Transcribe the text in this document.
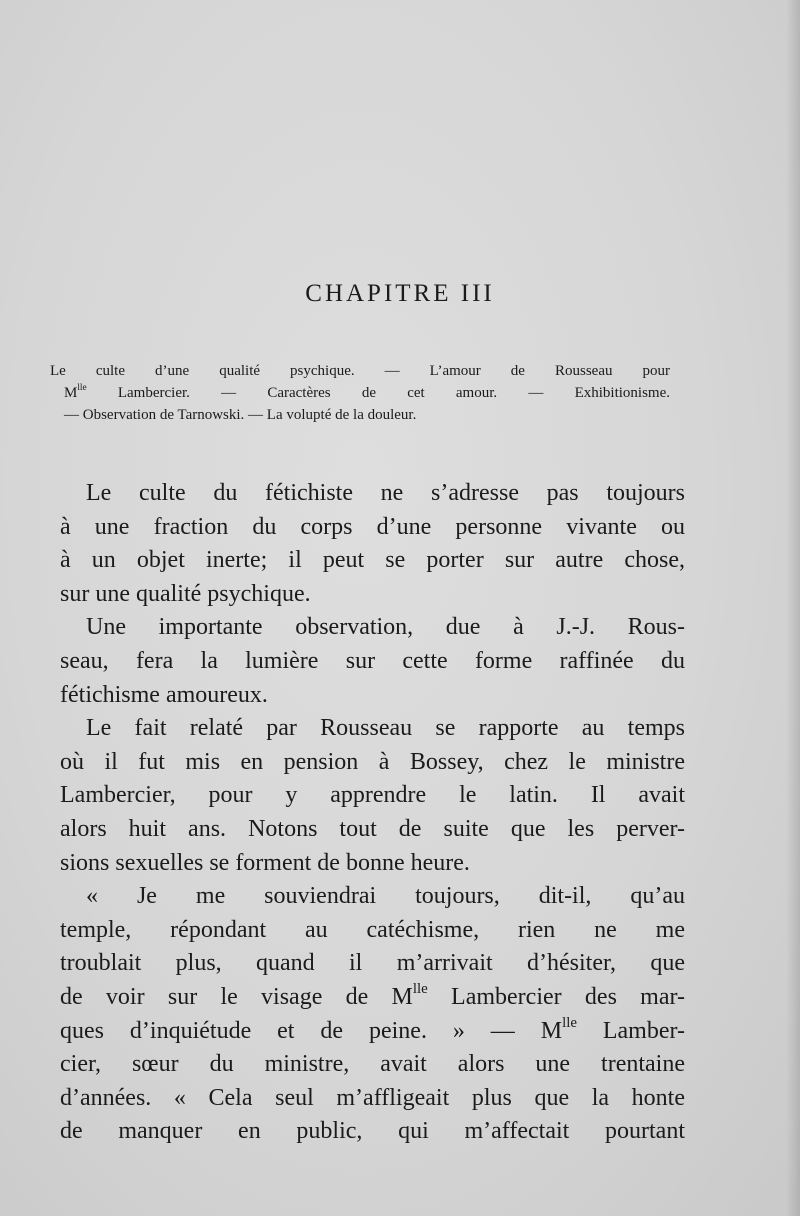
CHAPITRE III
Le culte d’une qualité psychique. — L’amour de Rousseau pour
$M^{lle}$ Lambercier. — Caractères de cet amour. — Exhibitionisme.
— Observation de Tarnowski. — La volupté de la douleur.
Le culte du fétichiste ne s’adresse pas toujours
à une fraction du corps d’une personne vivante ou
à un objet inerte; il peut se porter sur autre chose,
sur une qualité psychique.
Une importante observation, due à J.-J. Rous-
seau, fera la lumière sur cette forme raffinée du
fétichisme amoureux.
Le fait relaté par Rousseau se rapporte au temps
où il fut mis en pension à Bossey, chez le ministre
Lambercier, pour y apprendre le latin. Il avait
alors huit ans. Notons tout de suite que les perver-
sions sexuelles se forment de bonne heure.
« Je me souviendrai toujours, dit-il, qu’au
temple, répondant au catéchisme, rien ne me
troublait plus, quand il m’arrivait d’hésiter, que
de voir sur le visage de $M^{lle}$ Lambercier des mar-
ques d’inquiétude et de peine. » — $M^{lle}$ Lamber-
cier, sœur du ministre, avait alors une trentaine
d’années. « Cela seul m’affligeait plus que la honte
de manquer en public, qui m’affectait pourtant
